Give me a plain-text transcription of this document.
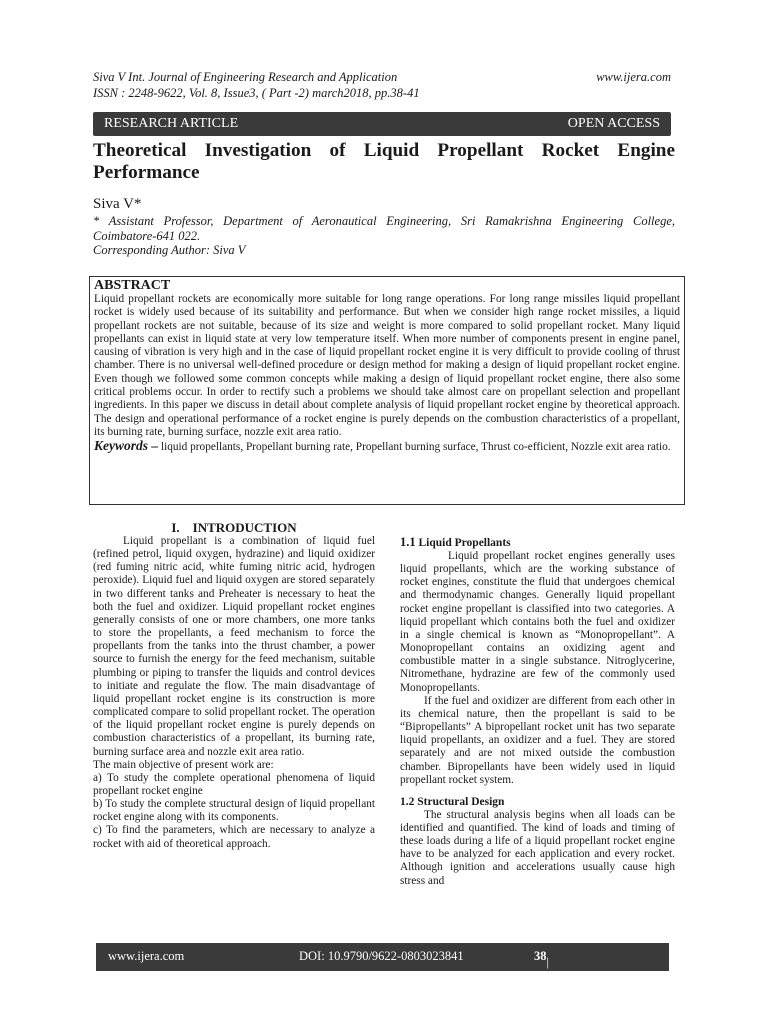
Siva V Int. Journal of Engineering Research and Application
ISSN : 2248-9622, Vol. 8, Issue3, ( Part -2) march2018, pp.38-41
www.ijera.com
RESEARCH ARTICLE	OPEN ACCESS
Theoretical Investigation of Liquid Propellant Rocket Engine Performance
Siva V*
* Assistant Professor, Department of Aeronautical Engineering, Sri Ramakrishna Engineering College, Coimbatore-641 022.
Corresponding Author: Siva V
ABSTRACT
Liquid propellant rockets are economically more suitable for long range operations. For long range missiles liquid propellant rocket is widely used because of its suitability and performance. But when we consider high range rocket missiles, a liquid propellant rockets are not suitable, because of its size and weight is more compared to solid propellant rocket. Many liquid propellants can exist in liquid state at very low temperature itself. When more number of components present in engine panel, causing of vibration is very high and in the case of liquid propellant rocket engine it is very difficult to provide cooling of thrust chamber. There is no universal well-defined procedure or design method for making a design of liquid propellant rocket engine. Even though we followed some common concepts while making a design of liquid propellant rocket engine, there also some critical problems occur. In order to rectify such a problems we should take almost care on propellant selection and propellant ingredients. In this paper we discuss in detail about complete analysis of liquid propellant rocket engine by theoretical approach. The design and operational performance of a rocket engine is purely depends on the combustion characteristics of a propellant, its burning rate, burning surface, nozzle exit area ratio.
Keywords – liquid propellants, Propellant burning rate, Propellant burning surface, Thrust co-efficient, Nozzle exit area ratio.
I.    INTRODUCTION

Liquid propellant is a combination of liquid fuel (refined petrol, liquid oxygen, hydrazine) and liquid oxidizer (red fuming nitric acid, white fuming nitric acid, hydrogen peroxide). Liquid fuel and liquid oxygen are stored separately in two different tanks and Preheater is necessary to heat the both the fuel and oxidizer. Liquid propellant rocket engines generally consists of one or more chambers, one more tanks to store the propellants, a feed mechanism to force the propellants from the tanks into the thrust chamber, a power source to furnish the energy for the feed mechanism, suitable plumbing or piping to transfer the liquids and control devices to initiate and regulate the flow. The main disadvantage of liquid propellant rocket engine is its construction is more complicated compare to solid propellant rocket. The operation of the liquid propellant rocket engine is purely depends on combustion characteristics of a propellant, its burning rate, burning surface area and nozzle exit area ratio.

The main objective of present work are:

a) To study the complete operational phenomena of liquid propellant rocket engine

b) To study the complete structural design of liquid propellant rocket engine along with its components.

c) To find the parameters, which are necessary to analyze a rocket with aid of theoretical approach.

1.1 Liquid Propellants

Liquid propellant rocket engines generally uses liquid propellants, which are the working substance of rocket engines, constitute the fluid that undergoes chemical and thermodynamic changes. Generally liquid propellant rocket engine propellant is classified into two categories. A liquid propellant which contains both the fuel and oxidizer in a single chemical is known as “Monopropellant”. A Monopropellant contains an oxidizing agent and combustible matter in a single substance. Nitroglycerine, Nitromethane, hydrazine are few of the commonly used Monopropellants.

If the fuel and oxidizer are different from each other in its chemical nature, then the propellant is said to be “Bipropellants” A bipropellant rocket unit has two separate liquid propellants, an oxidizer and a fuel. They are stored separately and are not mixed outside the combustion chamber. Bipropellants have been widely used in liquid propellant rocket system.

1.2 Structural Design

The structural analysis begins when all loads can be identified and quantified. The kind of loads and timing of these loads during a life of a liquid propellant rocket engine have to be analyzed for each application and every rocket. Although ignition and accelerations usually cause high stress and

www.ijera.com	DOI: 10.9790/9622-0803023841	38 | P a g e
